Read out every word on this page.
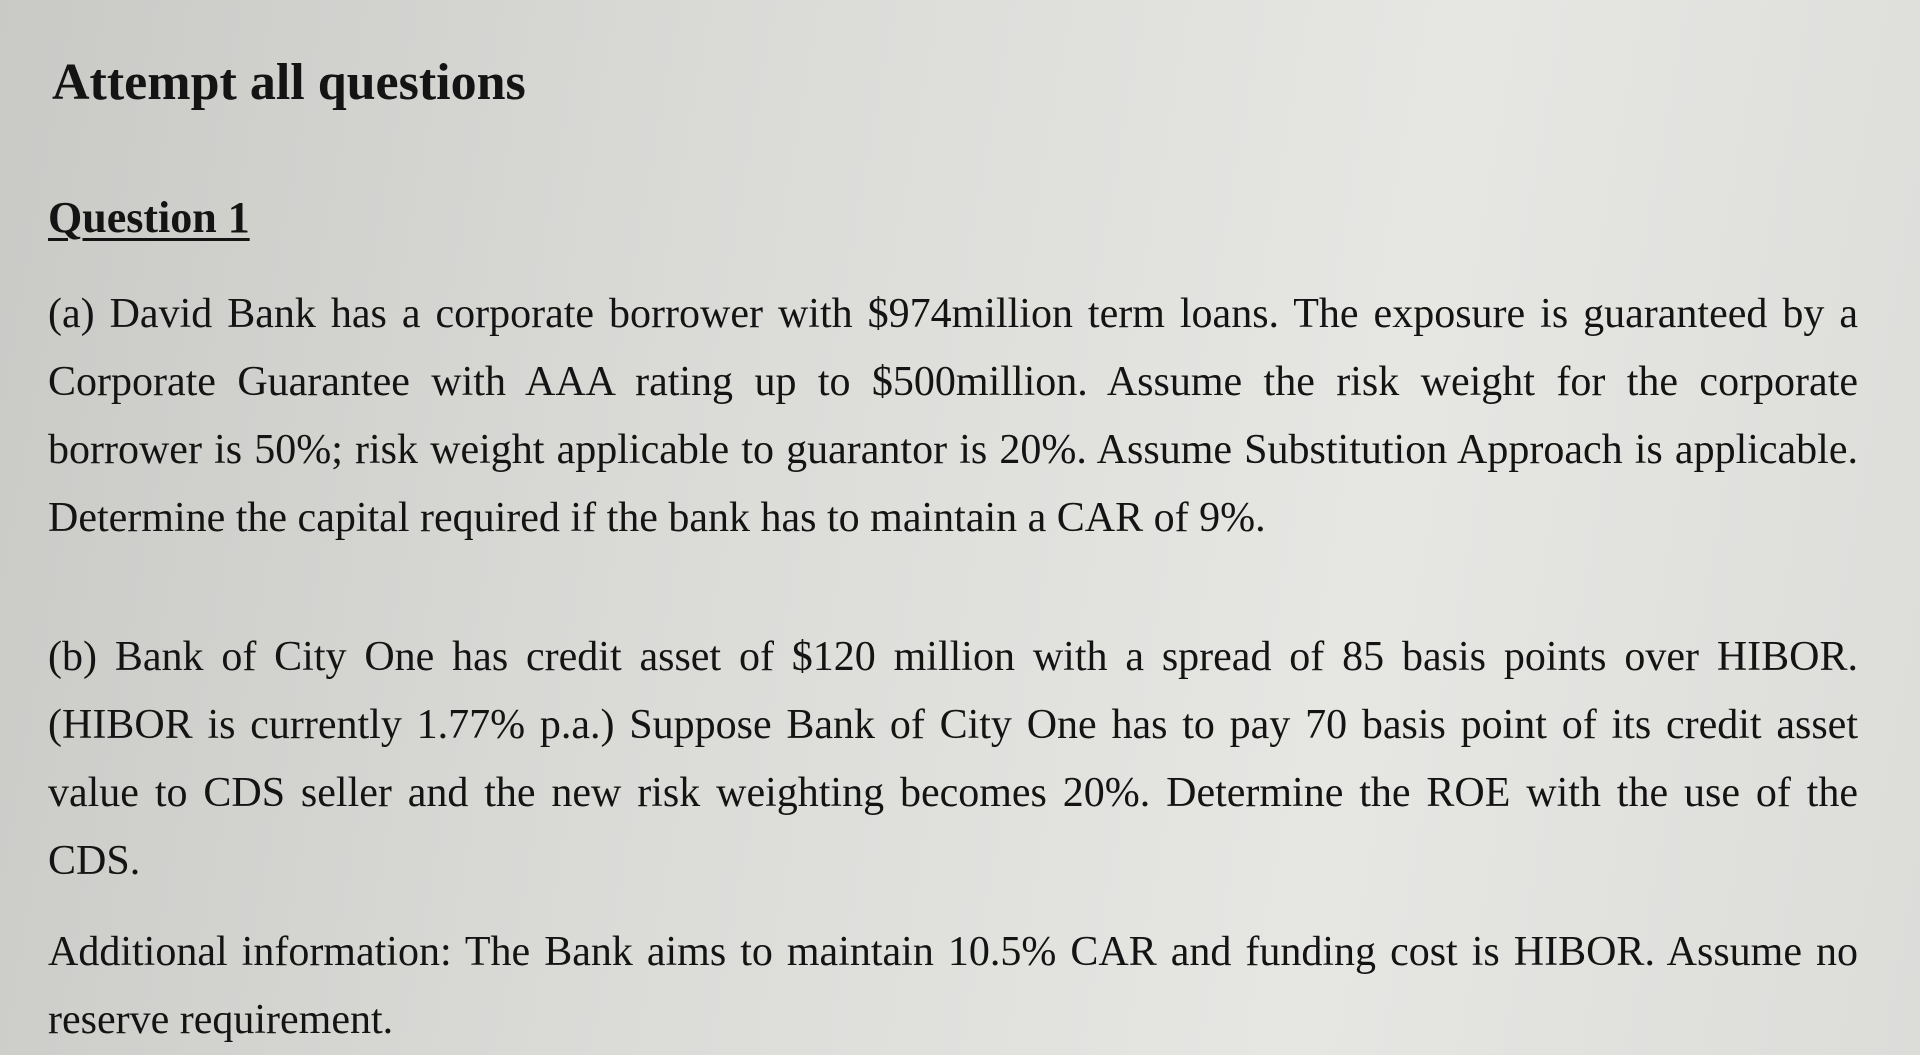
Attempt all questions
Question 1

(a) David Bank has a corporate borrower with $974million term loans. The exposure is guaranteed by a Corporate Guarantee with AAA rating up to $500million. Assume the risk weight for the corporate borrower is 50%; risk weight applicable to guarantor is 20%. Assume Substitution Approach is applicable. Determine the capital required if the bank has to maintain a CAR of 9%.

(b) Bank of City One has credit asset of $120 million with a spread of 85 basis points over HIBOR. (HIBOR is currently 1.77% p.a.) Suppose Bank of City One has to pay 70 basis point of its credit asset value to CDS seller and the new risk weighting becomes 20%. Determine the ROE with the use of the CDS.

Additional information: The Bank aims to maintain 10.5% CAR and funding cost is HIBOR. Assume no reserve requirement.
